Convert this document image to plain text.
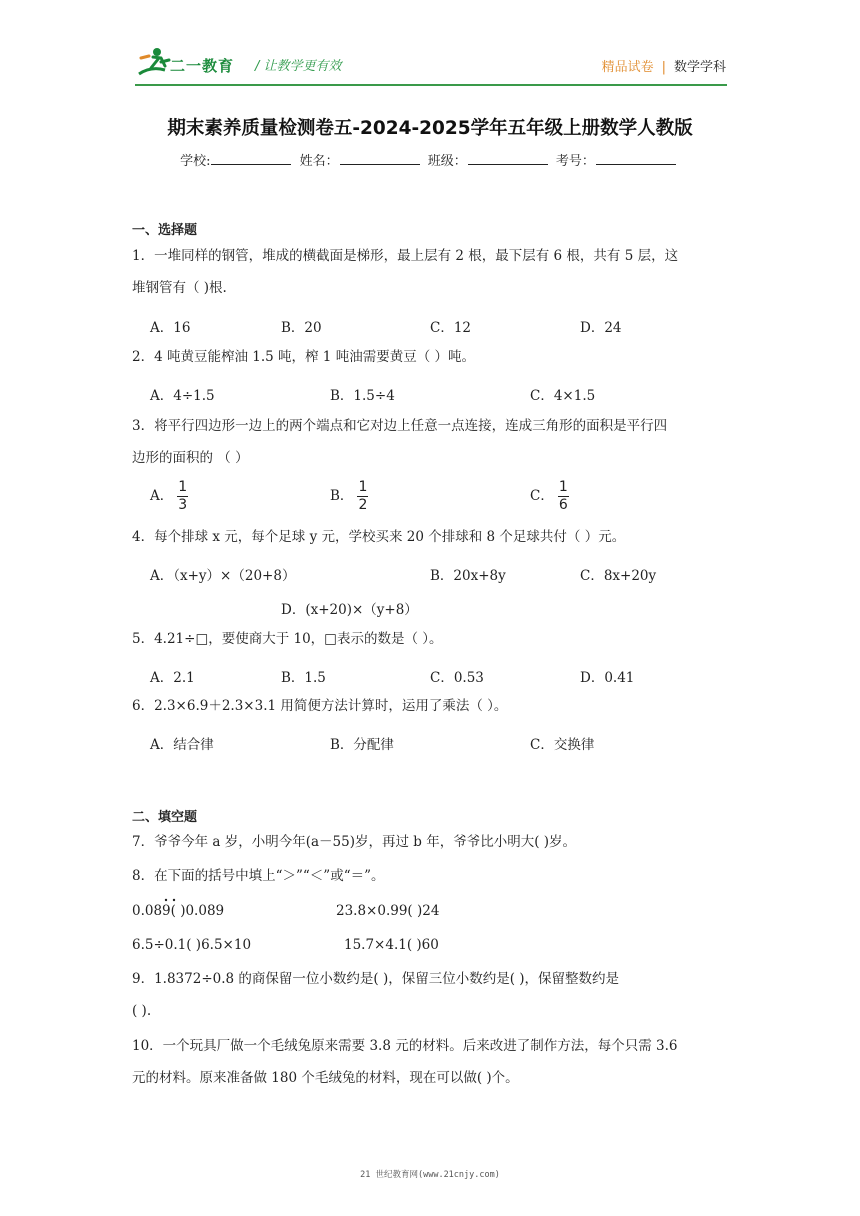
二一教育 / 让教学更有效	精品试卷 | 数学学科
期末素养质量检测卷五-2024-2025学年五年级上册数学人教版
学校:	姓名：	班级：	考号：
一、选择题
1．一堆同样的钢管，堆成的横截面是梯形，最上层有 2 根，最下层有 6 根，共有 5 层，这
堆钢管有（ )根.
A．16	B．20	C．12	D．24
2．4 吨黄豆能榨油 1.5 吨，榨 1 吨油需要黄豆（ ）吨。
A．4÷1.5	B．1.5÷4	C．4×1.5
3．将平行四边形一边上的两个端点和它对边上任意一点连接，连成三角形的面积是平行四
边形的面积的 （ ）
A． $\frac{1}{3}$	B． $\frac{1}{2}$	C． $\frac{1}{6}$
4．每个排球 x 元，每个足球 y 元，学校买来 20 个排球和 8 个足球共付（ ）元。
A．（x+y）×（20+8）	B．20x+8y	C．8x+20y
D．(x+20)×（y+8）
5．4.21÷□，要使商大于 10，□表示的数是（ ）。
A．2.1	B．1.5	C．0.53	D．0.41
6．2.3×6.9＋2.3×3.1 用简便方法计算时，运用了乘法（ ）。
A．结合律	B．分配律	C．交换律
二、填空题
7．爷爷今年 a 岁，小明今年(a－55)岁，再过 b 年，爷爷比小明大( )岁。
8．在下面的括号中填上“＞”“＜”或“＝”。
0.089( )0.089	23.8×0.99( )24
6.5÷0.1( )6.5×10	15.7×4.1( )60
9．1.8372÷0.8 的商保留一位小数约是( )，保留三位小数约是( )，保留整数约是
( ).
10．一个玩具厂做一个毛绒兔原来需要 3.8 元的材料。后来改进了制作方法，每个只需 3.6
元的材料。原来准备做 180 个毛绒兔的材料，现在可以做( )个。
21 世纪教育网(www.21cnjy.com)
